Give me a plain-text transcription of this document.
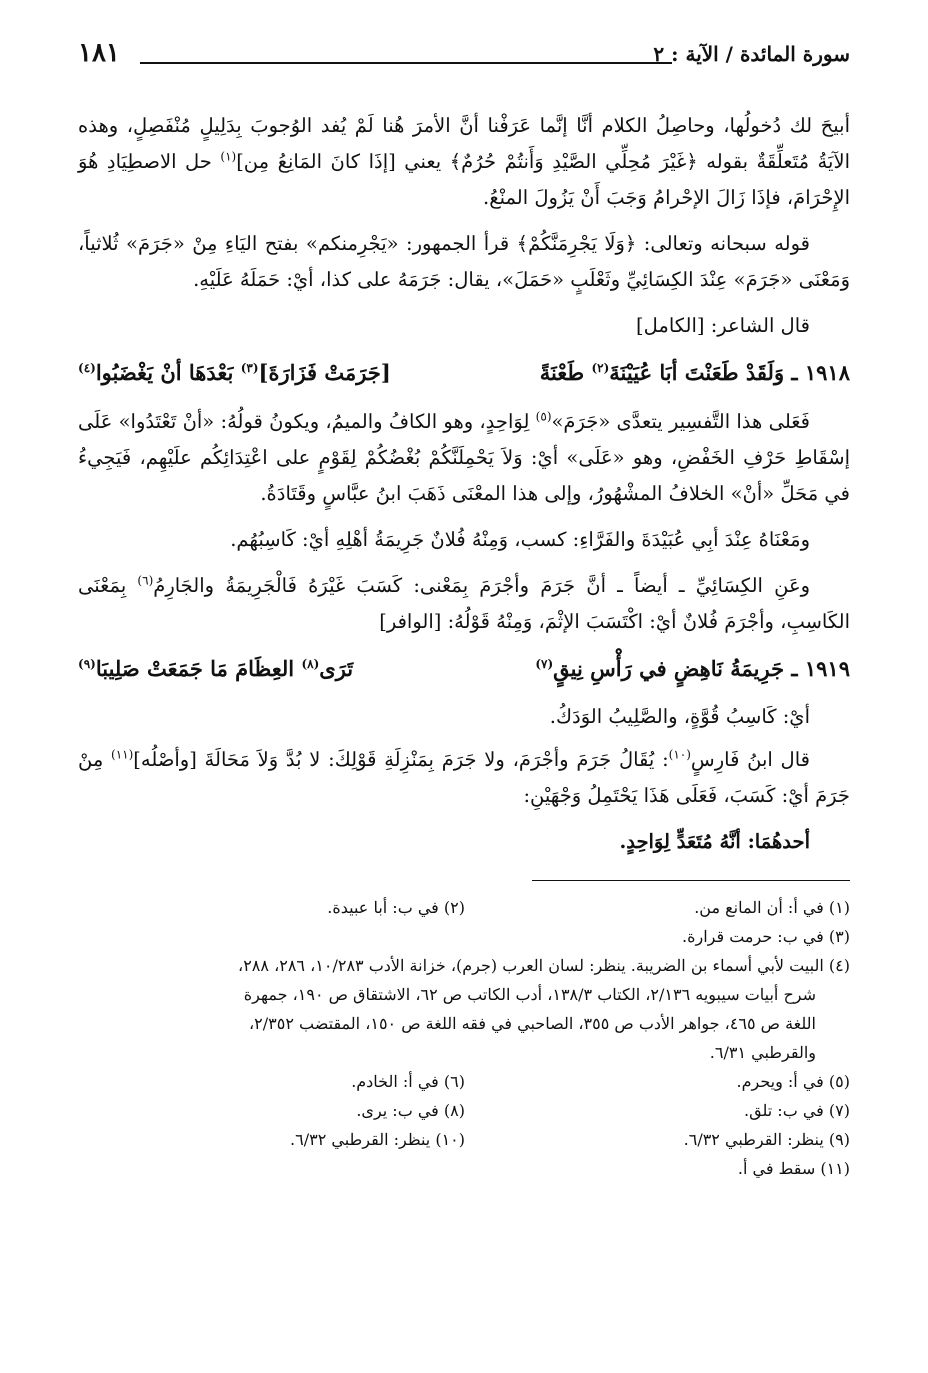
سورة المائدة / الآية : ٢
١٨١

أبيحَ لك دُخولُها، وحاصِلُ الكلام أنَّا إنَّما عَرَفْنا أنَّ الأمرَ هُنا لَمْ يُفد الوُجوبَ بِدَلِيلٍ مُنْفَصِلٍ، وهذه الآيَةُ مُتَعلِّقَةٌ بقوله ﴿غَيْرَ مُحِلِّي الصَّيْدِ وَأَنتُمْ حُرُمٌ﴾ يعني [إذَا كانَ المَانِعُ مِن]$^{(١)}$ حل الاصطِيَادِ هُوَ الإِحْرَامَ، فإذَا زَالَ الإحْرامُ وَجَبَ أَنْ يَزُولَ المنْعُ.

قوله سبحانه وتعالى: ﴿وَلَا يَجْرِمَنَّكُمْ﴾ قرأ الجمهور: «يَجْرِمنكم» بفتح اليَاءِ مِنْ «جَرَمَ» ثُلاثياً، وَمَعْنَى «جَرَمَ» عِنْدَ الكِسَائِيِّ وثَعْلَبٍ «حَمَلَ»، يقال: جَرَمَهُ على كذا، أيْ: حَمَلَهُ عَلَيْهِ.

قال الشاعر: [الكامل]

١٩١٨ ـ وَلَقَدْ طَعَنْتَ أبَا عُيَيْنَةَ$^{(٢)}$ طَعْنَةً
[جَرَمَتْ فَزَارَةَ]$^{(٣)}$ بَعْدَهَا أنْ يَغْضَبُوا$^{(٤)}$

فَعَلى هذا التَّفسِير يتعدَّى «جَرَمَ»$^{(٥)}$ لِوَاحِدٍ، وهو الكافُ والميمُ، ويكونُ قولُهُ: «أنْ تَعْتَدُوا» عَلَى إسْقَاطِ حَرْفِ الخَفْضِ، وهو «عَلَى» أيْ: وَلاَ يَحْمِلَنَّكُمْ بُغْضُكُمْ لِقَوْمٍ على اعْتِدَائِكُم علَيْهِم، فَيَجِيءُ في مَحَلِّ «أنْ» الخلافُ المشْهُورُ، وإلى هذا المعْنَى ذَهَبَ ابنُ عبَّاسٍ وقَتَادَةُ.

ومَعْنَاهُ عِنْدَ أبِي عُبَيْدَةَ والفَرَّاءِ: كسب، وَمِنْهُ فُلانٌ جَرِيمَةُ أهْلِهِ أيْ: كَاسِبُهُم.

وعَنِ الكِسَائِيِّ ـ أيضاً ـ أنَّ جَرَمَ وأجْرَمَ بِمَعْنى: كَسَبَ غَيْرَهُ فَالْجَرِيمَةُ والجَارِمُ$^{(٦)}$ بِمَعْنَى الكَاسِبِ، وأجْرَمَ فُلانٌ أيْ: اكْتَسَبَ الإثْمَ، وَمِنْهُ قَوْلُهُ: [الوافر]

١٩١٩ ـ جَرِيمَةُ نَاهِضٍ في رَأْسِ نِيقٍ$^{(٧)}$
تَرَى$^{(٨)}$ العِظَامَ مَا جَمَعَتْ صَلِيبَا$^{(٩)}$

أيْ: كَاسِبُ قُوَّةٍ، والصَّلِيبُ الوَدَكُ.

قال ابنُ فَارِسٍ$^{(١٠)}$: يُقَالُ جَرَمَ وأجْرَمَ، ولا جَرَمَ بِمَنْزِلَةِ قَوْلِكَ: لا بُدَّ وَلاَ مَحَالَةَ [وأصْلُه]$^{(١١)}$ مِنْ جَرَمَ أيْ: كَسَبَ، فَعَلَى هَذَا يَحْتَمِلُ وَجْهَيْنِ:

أحدهُمَا: أنَّهُ مُتَعَدٍّ لِوَاحِدٍ.

(١) في أ: أن المانع من.
(٢) في ب: أبا عبيدة.
(٣) في ب: حرمت قرارة.
(٤) البيت لأبي أسماء بن الضريبة. ينظر: لسان العرب (جرم)، خزانة الأدب ١٠/٢٨٣، ٢٨٦، ٢٨٨،
شرح أبيات سيبويه ٢/١٣٦، الكتاب ١٣٨/٣، أدب الكاتب ص ٦٢، الاشتقاق ص ١٩٠، جمهرة
اللغة ص ٤٦٥، جواهر الأدب ص ٣٥٥، الصاحبي في فقه اللغة ص ١٥٠، المقتضب ٢/٣٥٢،
والقرطبي ٦/٣١.
(٥) في أ: ويحرم.
(٦) في أ: الخادم.
(٧) في ب: تلق.
(٨) في ب: يرى.
(٩) ينظر: القرطبي ٦/٣٢.
(١٠) ينظر: القرطبي ٦/٣٢.
(١١) سقط في أ.
